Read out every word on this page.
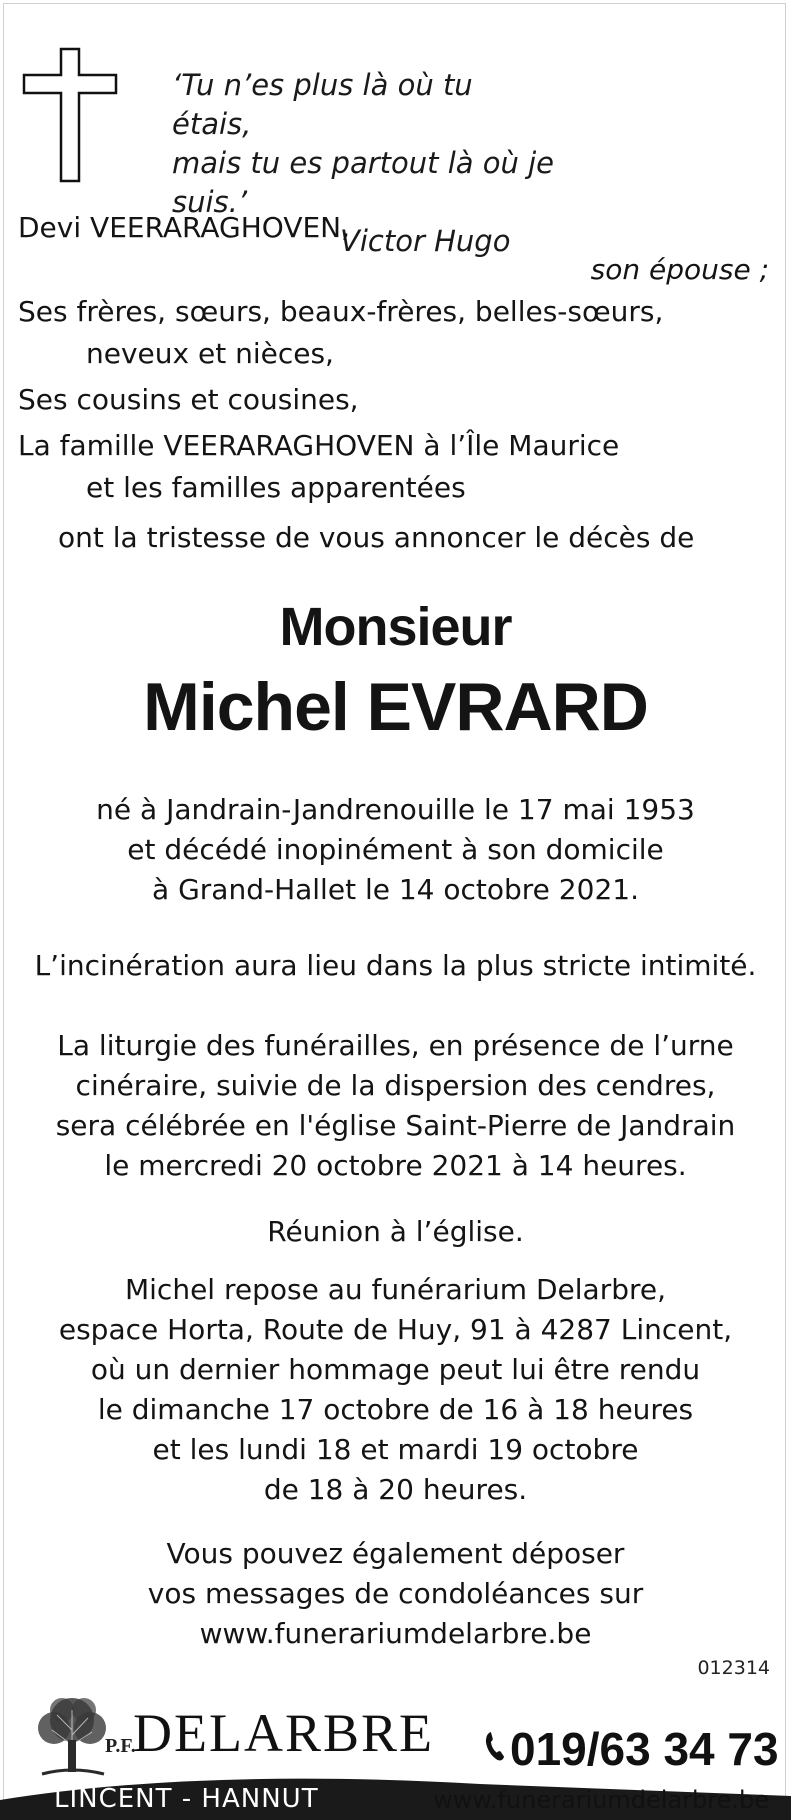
‘Tu n’es plus là où tu étais,
mais tu es partout là où je suis.’
Victor Hugo
Devi VEERARAGHOVEN,
son épouse ;
Ses frères, sœurs, beaux-frères, belles-sœurs,
neveux et nièces,
Ses cousins et cousines,
La famille VEERARAGHOVEN à l’Île Maurice
et les familles apparentées
ont la tristesse de vous annoncer le décès de
Monsieur
Michel EVRARD
né à Jandrain-Jandrenouille le 17 mai 1953
et décédé inopinément à son domicile
à Grand-Hallet le 14 octobre 2021.
L’incinération aura lieu dans la plus stricte intimité.
La liturgie des funérailles, en présence de l’urne
cinéraire, suivie de la dispersion des cendres,
sera célébrée en l'église Saint-Pierre de Jandrain
le mercredi 20 octobre 2021 à 14 heures.
Réunion à l’église.
Michel repose au funérarium Delarbre,
espace Horta, Route de Huy, 91 à 4287 Lincent,
où un dernier hommage peut lui être rendu
le dimanche 17 octobre de 16 à 18 heures
et les lundi 18 et mardi 19 octobre
de 18 à 20 heures.
Vous pouvez également déposer
vos messages de condoléances sur
www.funerariumdelarbre.be
012314
P.F.
DELARBRE	019/63 34 73
LINCENT - HANNUT	www.funerariumdelarbre.be
